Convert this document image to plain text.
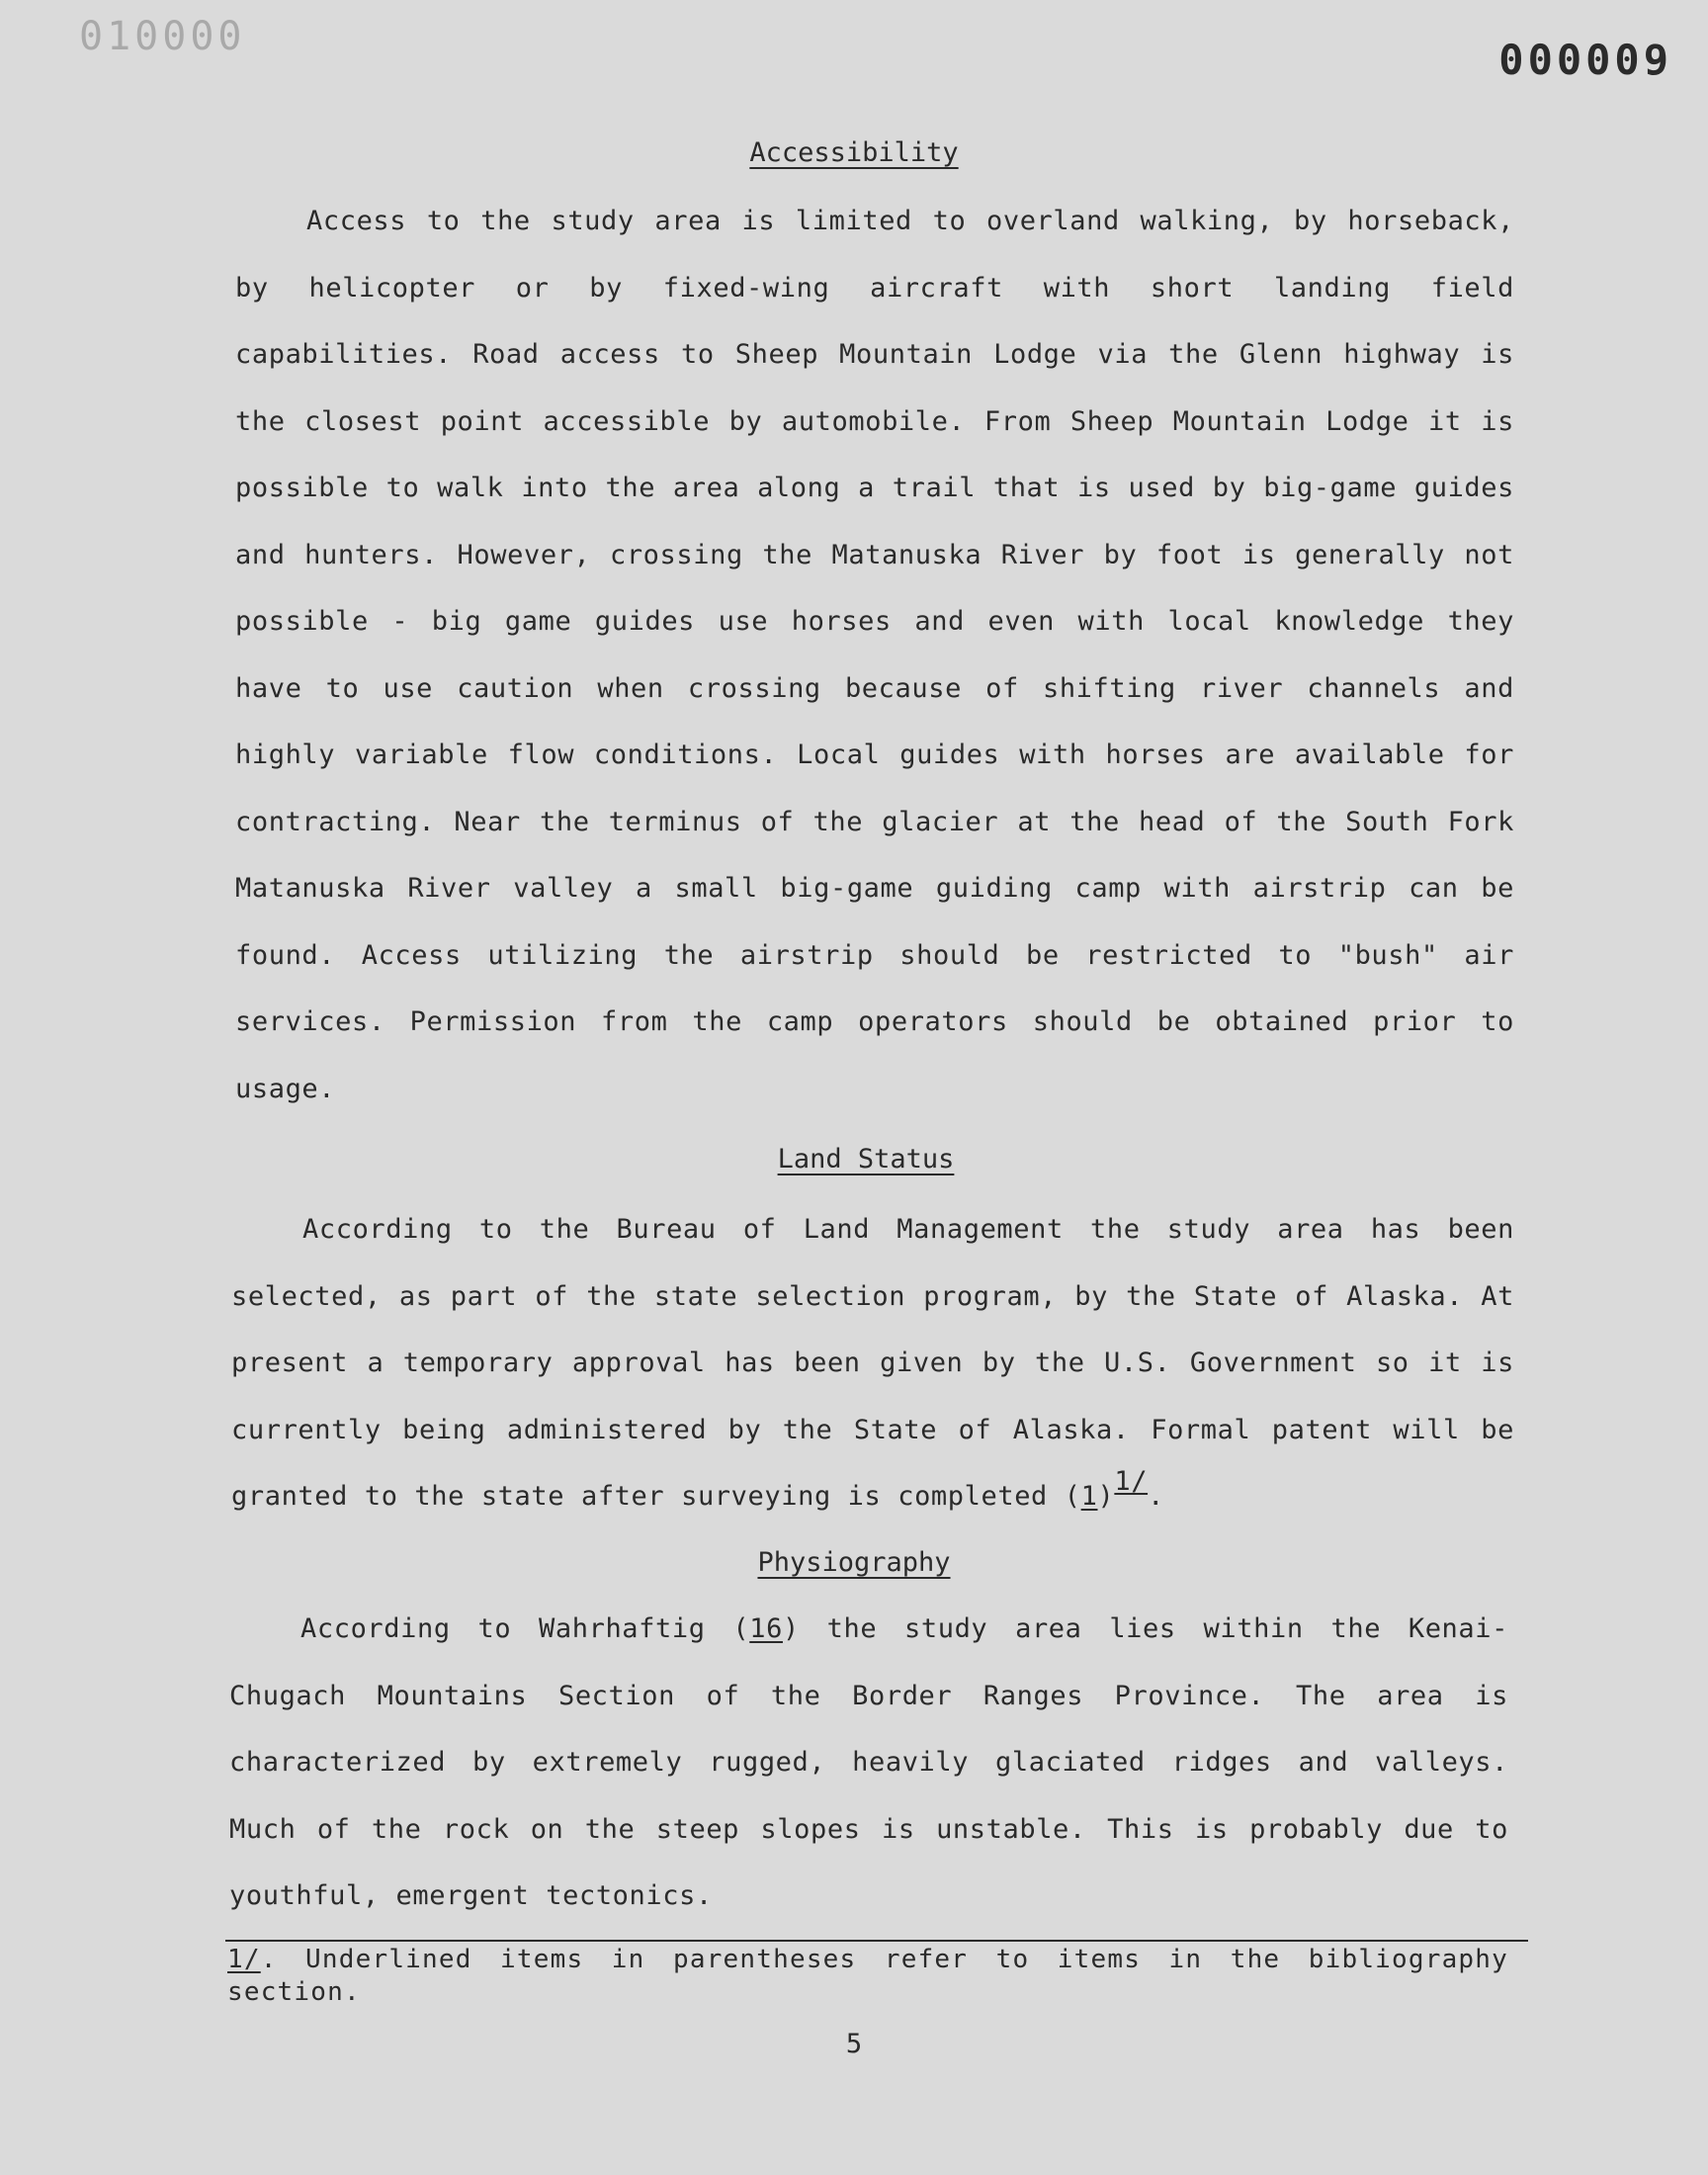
010000	000009
Accessibility

Access to the study area is limited to overland walking, by horseback, by helicopter or by fixed-wing aircraft with short landing field capabilities. Road access to Sheep Mountain Lodge via the Glenn highway is the closest point accessible by automobile. From Sheep Mountain Lodge it is possible to walk into the area along a trail that is used by big-game guides and hunters. However, crossing the Matanuska River by foot is generally not possible - big game guides use horses and even with local knowledge they have to use caution when crossing because of shifting river channels and highly variable flow conditions. Local guides with horses are available for contracting. Near the terminus of the glacier at the head of the South Fork Matanuska River valley a small big-game guiding camp with airstrip can be found. Access utilizing the airstrip should be restricted to "bush" air services. Permission from the camp operators should be obtained prior to usage.

Land Status

According to the Bureau of Land Management the study area has been selected, as part of the state selection program, by the State of Alaska. At present a temporary approval has been given by the U.S. Government so it is currently being administered by the State of Alaska. Formal patent will be granted to the state after surveying is completed (1)1/.

Physiography

According to Wahrhaftig (16) the study area lies within the Kenai-Chugach Mountains Section of the Border Ranges Province. The area is characterized by extremely rugged, heavily glaciated ridges and valleys. Much of the rock on the steep slopes is unstable. This is probably due to youthful, emergent tectonics.

1/. Underlined items in parentheses refer to items in the bibliography section.

5
